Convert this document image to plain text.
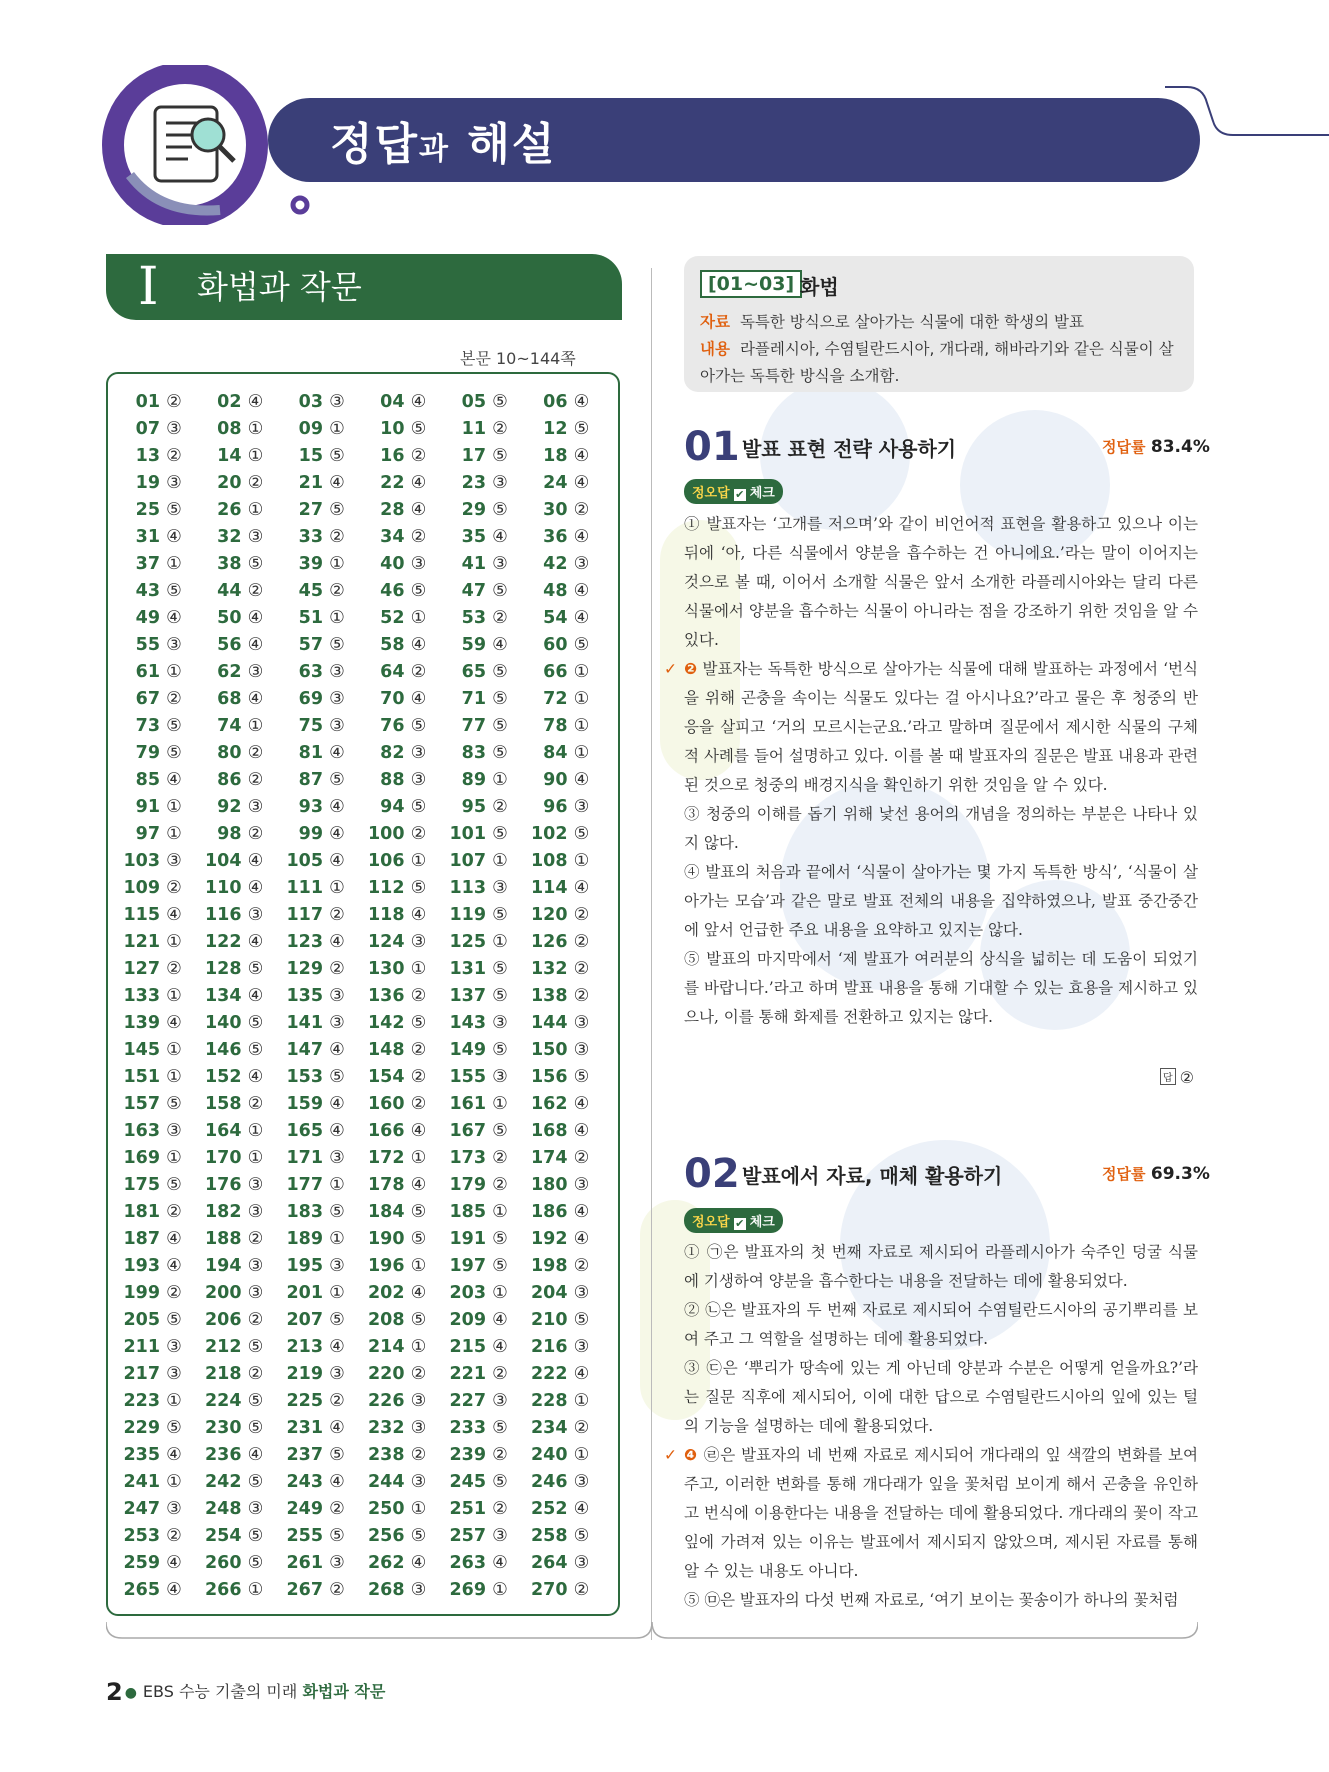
정답과 해설
I 화법과 작문
본문 10~144쪽
01 ②	02 ④	03 ③	04 ④	05 ⑤	06 ④
07 ③	08 ①	09 ①	10 ⑤	11 ②	12 ⑤
13 ②	14 ①	15 ⑤	16 ②	17 ⑤	18 ④
19 ③	20 ②	21 ④	22 ④	23 ③	24 ④
25 ⑤	26 ①	27 ⑤	28 ④	29 ⑤	30 ②
31 ④	32 ③	33 ②	34 ②	35 ④	36 ④
37 ①	38 ⑤	39 ①	40 ③	41 ③	42 ③
43 ⑤	44 ②	45 ②	46 ⑤	47 ⑤	48 ④
49 ④	50 ④	51 ①	52 ①	53 ②	54 ④
55 ③	56 ④	57 ⑤	58 ④	59 ④	60 ⑤
61 ①	62 ③	63 ③	64 ②	65 ⑤	66 ①
67 ②	68 ④	69 ③	70 ④	71 ⑤	72 ①
73 ⑤	74 ①	75 ③	76 ⑤	77 ⑤	78 ①
79 ⑤	80 ②	81 ④	82 ③	83 ⑤	84 ①
85 ④	86 ②	87 ⑤	88 ③	89 ①	90 ④
91 ①	92 ③	93 ④	94 ⑤	95 ②	96 ③
97 ①	98 ②	99 ④	100 ②	101 ⑤	102 ⑤
103 ③	104 ④	105 ④	106 ①	107 ①	108 ①
109 ②	110 ④	111 ①	112 ⑤	113 ③	114 ④
115 ④	116 ③	117 ②	118 ④	119 ⑤	120 ②
121 ①	122 ④	123 ④	124 ③	125 ①	126 ②
127 ②	128 ⑤	129 ②	130 ①	131 ⑤	132 ②
133 ①	134 ④	135 ③	136 ②	137 ⑤	138 ②
139 ④	140 ⑤	141 ③	142 ⑤	143 ③	144 ③
145 ①	146 ⑤	147 ④	148 ②	149 ⑤	150 ③
151 ①	152 ④	153 ⑤	154 ②	155 ③	156 ⑤
157 ⑤	158 ②	159 ④	160 ②	161 ①	162 ④
163 ③	164 ①	165 ④	166 ④	167 ⑤	168 ④
169 ①	170 ①	171 ③	172 ①	173 ②	174 ②
175 ⑤	176 ③	177 ①	178 ④	179 ②	180 ③
181 ②	182 ③	183 ⑤	184 ⑤	185 ①	186 ④
187 ④	188 ②	189 ①	190 ⑤	191 ⑤	192 ④
193 ④	194 ③	195 ③	196 ①	197 ⑤	198 ②
199 ②	200 ③	201 ①	202 ④	203 ①	204 ③
205 ⑤	206 ②	207 ⑤	208 ⑤	209 ④	210 ⑤
211 ③	212 ⑤	213 ④	214 ①	215 ④	216 ③
217 ③	218 ②	219 ③	220 ②	221 ②	222 ④
223 ①	224 ⑤	225 ②	226 ③	227 ③	228 ①
229 ⑤	230 ⑤	231 ④	232 ③	233 ⑤	234 ②
235 ④	236 ④	237 ⑤	238 ②	239 ②	240 ①
241 ①	242 ⑤	243 ④	244 ③	245 ⑤	246 ③
247 ③	248 ③	249 ②	250 ①	251 ②	252 ④
253 ②	254 ⑤	255 ⑤	256 ⑤	257 ③	258 ⑤
259 ④	260 ⑤	261 ③	262 ④	263 ④	264 ③
265 ④	266 ①	267 ②	268 ③	269 ①	270 ②
[01~03] 화법
자료 독특한 방식으로 살아가는 식물에 대한 학생의 발표
내용 라플레시아, 수염틸란드시아, 개다래, 해바라기와 같은 식물이 살아가는 독특한 방식을 소개함.
01 발표 표현 전략 사용하기	정답률 83.4%
정오답 ✔ 체크

① 발표자는 ‘고개를 저으며’와 같이 비언어적 표현을 활용하고 있으나 이는 뒤에 ‘아, 다른 식물에서 양분을 흡수하는 건 아니에요.’라는 말이 이어지는 것으로 볼 때, 이어서 소개할 식물은 앞서 소개한 라플레시아와는 달리 다른 식물에서 양분을 흡수하는 식물이 아니라는 점을 강조하기 위한 것임을 알 수 있다.

✓ ❷ 발표자는 독특한 방식으로 살아가는 식물에 대해 발표하는 과정에서 ‘번식을 위해 곤충을 속이는 식물도 있다는 걸 아시나요?’라고 물은 후 청중의 반응을 살피고 ‘거의 모르시는군요.’라고 말하며 질문에서 제시한 식물의 구체적 사례를 들어 설명하고 있다. 이를 볼 때 발표자의 질문은 발표 내용과 관련된 것으로 청중의 배경지식을 확인하기 위한 것임을 알 수 있다.

③ 청중의 이해를 돕기 위해 낯선 용어의 개념을 정의하는 부분은 나타나 있지 않다.

④ 발표의 처음과 끝에서 ‘식물이 살아가는 몇 가지 독특한 방식’, ‘식물이 살아가는 모습’과 같은 말로 발표 전체의 내용을 집약하였으나, 발표 중간중간에 앞서 언급한 주요 내용을 요약하고 있지는 않다.

⑤ 발표의 마지막에서 ‘제 발표가 여러분의 상식을 넓히는 데 도움이 되었기를 바랍니다.’라고 하며 발표 내용을 통해 기대할 수 있는 효용을 제시하고 있으나, 이를 통해 화제를 전환하고 있지는 않다.

답 ②
02 발표에서 자료, 매체 활용하기	정답률 69.3%
정오답 ✔ 체크

① ㉠은 발표자의 첫 번째 자료로 제시되어 라플레시아가 숙주인 덩굴 식물에 기생하여 양분을 흡수한다는 내용을 전달하는 데에 활용되었다.

② ㉡은 발표자의 두 번째 자료로 제시되어 수염틸란드시아의 공기뿌리를 보여 주고 그 역할을 설명하는 데에 활용되었다.

③ ㉢은 ‘뿌리가 땅속에 있는 게 아닌데 양분과 수분은 어떻게 얻을까요?’라는 질문 직후에 제시되어, 이에 대한 답으로 수염틸란드시아의 잎에 있는 털의 기능을 설명하는 데에 활용되었다.

✓ ❹ ㉣은 발표자의 네 번째 자료로 제시되어 개다래의 잎 색깔의 변화를 보여 주고, 이러한 변화를 통해 개다래가 잎을 꽃처럼 보이게 해서 곤충을 유인하고 번식에 이용한다는 내용을 전달하는 데에 활용되었다. 개다래의 꽃이 작고 잎에 가려져 있는 이유는 발표에서 제시되지 않았으며, 제시된 자료를 통해 알 수 있는 내용도 아니다.

⑤ ㉤은 발표자의 다섯 번째 자료로, ‘여기 보이는 꽃송이가 하나의 꽃처럼

2 ● EBS 수능 기출의 미래 화법과 작문
